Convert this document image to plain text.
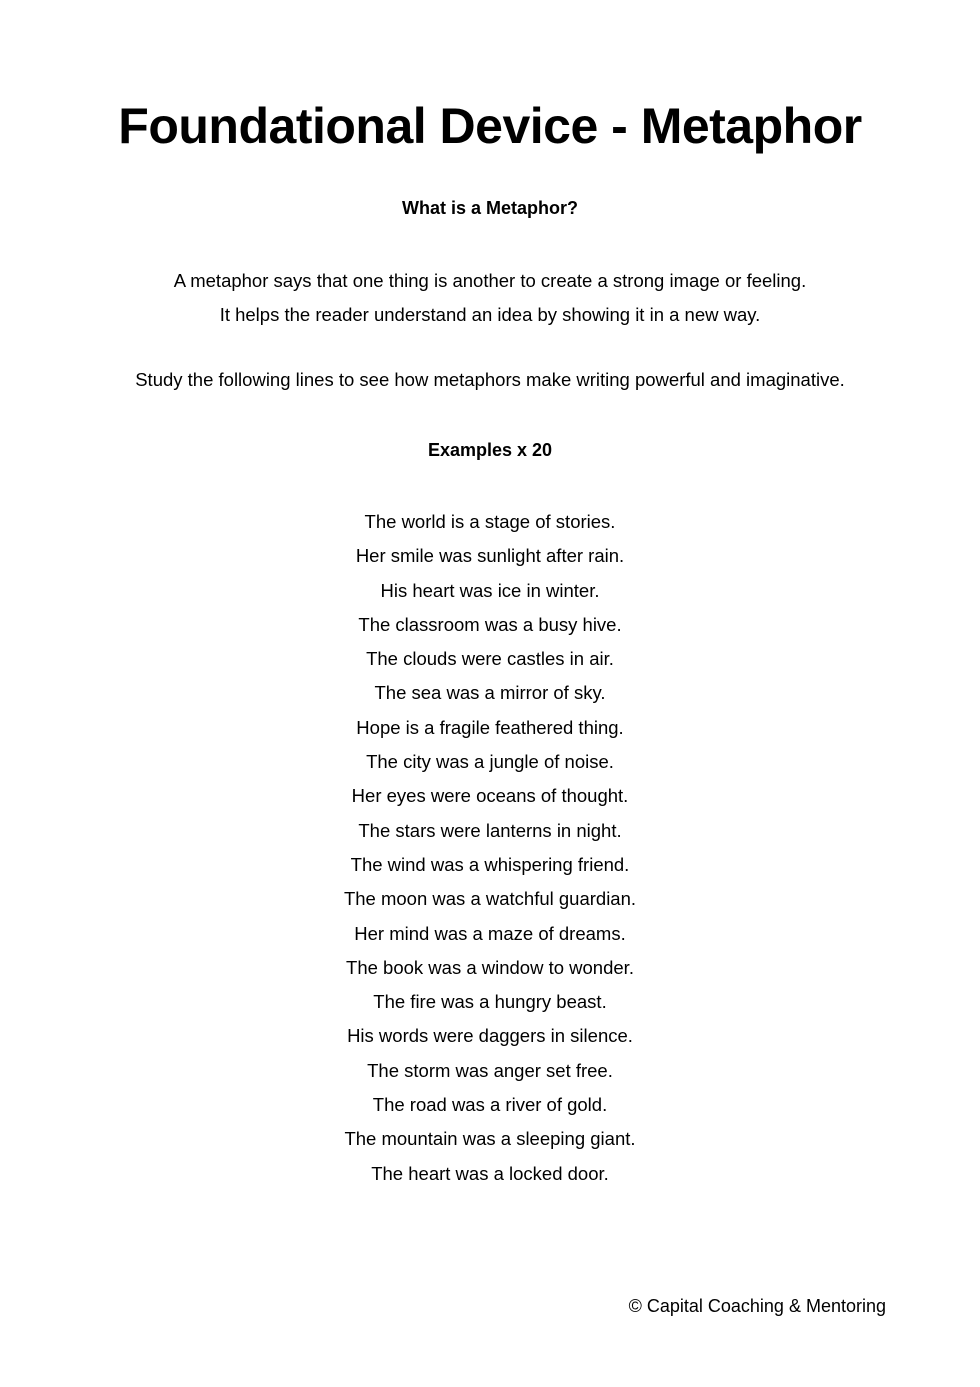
Foundational Device - Metaphor
What is a Metaphor?
A metaphor says that one thing is another to create a strong image or feeling.
It helps the reader understand an idea by showing it in a new way.

Study the following lines to see how metaphors make writing powerful and imaginative.

Examples x 20
The world is a stage of stories.
Her smile was sunlight after rain.
His heart was ice in winter.
The classroom was a busy hive.
The clouds were castles in air.
The sea was a mirror of sky.
Hope is a fragile feathered thing.
The city was a jungle of noise.
Her eyes were oceans of thought.
The stars were lanterns in night.
The wind was a whispering friend.
The moon was a watchful guardian.
Her mind was a maze of dreams.
The book was a window to wonder.
The fire was a hungry beast.
His words were daggers in silence.
The storm was anger set free.
The road was a river of gold.
The mountain was a sleeping giant.
The heart was a locked door.

© Capital Coaching & Mentoring
